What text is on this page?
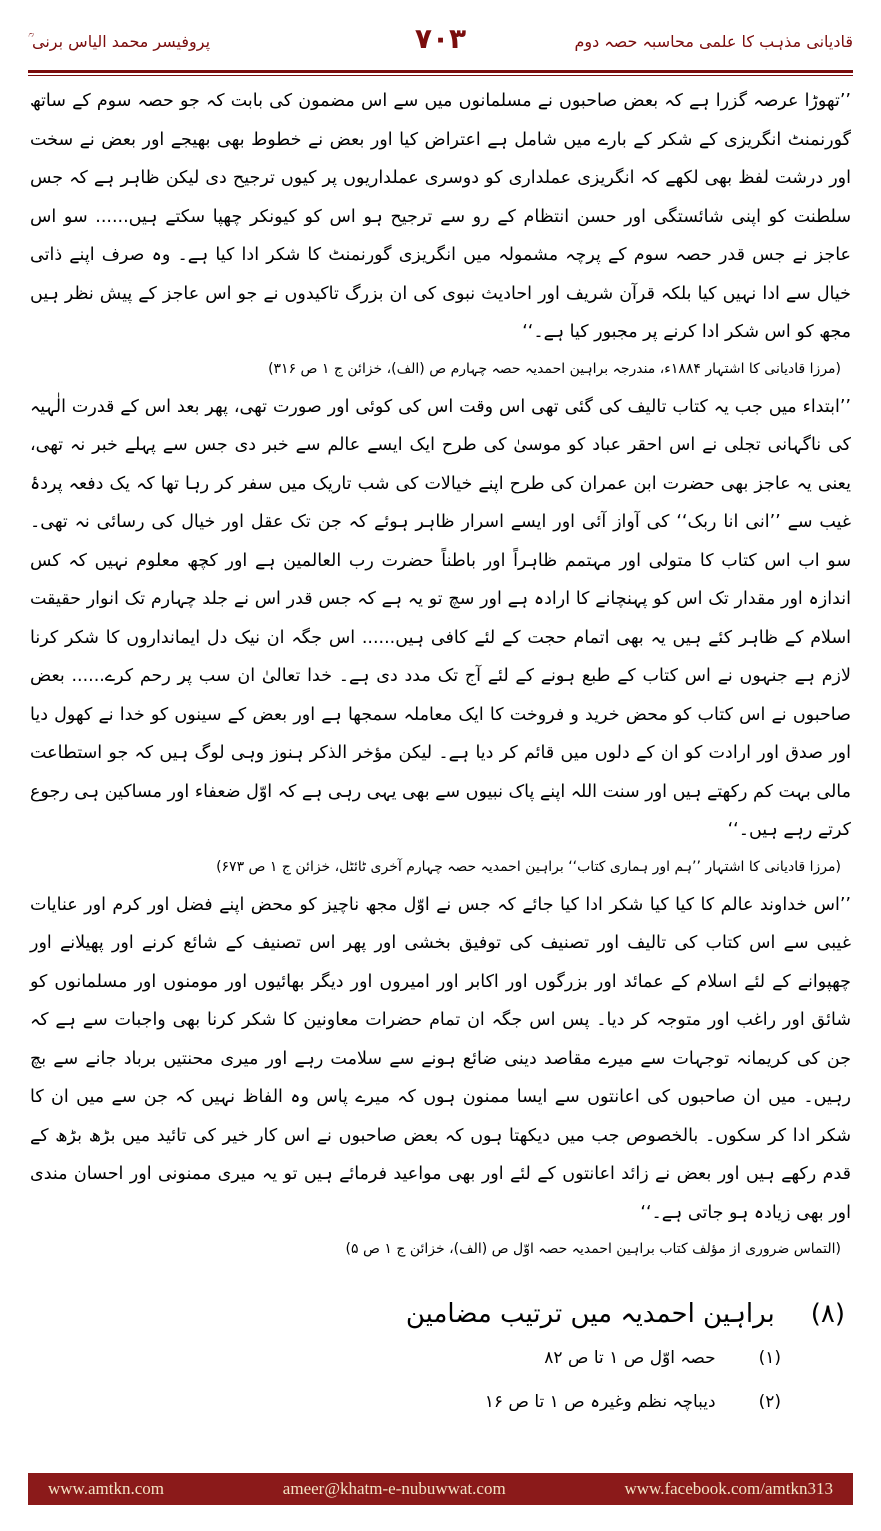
قادیانی مذہب کا علمی محاسبہ حصہ دوم
۷۰۳
پروفیسر محمد الیاس برنی ؒ

’’تھوڑا عرصہ گزرا ہے کہ بعض صاحبوں نے مسلمانوں میں سے اس مضمون کی بابت کہ جو حصہ سوم کے ساتھ گورنمنٹ انگریزی کے شکر کے بارے میں شامل ہے اعتراض کیا اور بعض نے خطوط بھی بھیجے اور بعض نے سخت اور درشت لفظ بھی لکھے کہ انگریزی عملداری کو دوسری عملداریوں پر کیوں ترجیح دی لیکن ظاہر ہے کہ جس سلطنت کو اپنی شائستگی اور حسن انتظام کے رو سے ترجیح ہو اس کو کیونکر چھپا سکتے ہیں...... سو اس عاجز نے جس قدر حصہ سوم کے پرچہ مشمولہ میں انگریزی گورنمنٹ کا شکر ادا کیا ہے۔ وہ صرف اپنے ذاتی خیال سے ادا نہیں کیا بلکہ قرآن شریف اور احادیث نبوی کی ان بزرگ تاکیدوں نے جو اس عاجز کے پیش نظر ہیں مجھ کو اس شکر ادا کرنے پر مجبور کیا ہے۔‘‘

(مرزا قادیانی کا اشتہار ۱۸۸۴ء، مندرجہ براہین احمدیہ حصہ چہارم ص (الف)، خزائن ج ۱ ص ۳۱۶)

’’ابتداء میں جب یہ کتاب تالیف کی گئی تھی اس وقت اس کی کوئی اور صورت تھی، پھر بعد اس کے قدرت الٰہیہ کی ناگہانی تجلی نے اس احقر عباد کو موسیٰ کی طرح ایک ایسے عالم سے خبر دی جس سے پہلے خبر نہ تھی، یعنی یہ عاجز بھی حضرت ابن عمران کی طرح اپنے خیالات کی شب تاریک میں سفر کر رہا تھا کہ یک دفعہ پردۂ غیب سے ’’انی انا ربک‘‘ کی آواز آئی اور ایسے اسرار ظاہر ہوئے کہ جن تک عقل اور خیال کی رسائی نہ تھی۔ سو اب اس کتاب کا متولی اور مہتمم ظاہراً اور باطناً حضرت رب العالمین ہے اور کچھ معلوم نہیں کہ کس اندازہ اور مقدار تک اس کو پہنچانے کا ارادہ ہے اور سچ تو یہ ہے کہ جس قدر اس نے جلد چہارم تک انوار حقیقت اسلام کے ظاہر کئے ہیں یہ بھی اتمام حجت کے لئے کافی ہیں...... اس جگہ ان نیک دل ایمانداروں کا شکر کرنا لازم ہے جنہوں نے اس کتاب کے طبع ہونے کے لئے آج تک مدد دی ہے۔ خدا تعالیٰ ان سب پر رحم کرے...... بعض صاحبوں نے اس کتاب کو محض خرید و فروخت کا ایک معاملہ سمجھا ہے اور بعض کے سینوں کو خدا نے کھول دیا اور صدق اور ارادت کو ان کے دلوں میں قائم کر دیا ہے۔ لیکن مؤخر الذکر ہنوز وہی لوگ ہیں کہ جو استطاعت مالی بہت کم رکھتے ہیں اور سنت اللہ اپنے پاک نبیوں سے بھی یہی رہی ہے کہ اوّل ضعفاء اور مساکین ہی رجوع کرتے رہے ہیں۔‘‘

(مرزا قادیانی کا اشتہار ’’ہم اور ہماری کتاب‘‘ براہین احمدیہ حصہ چہارم آخری ٹائٹل، خزائن ج ۱ ص ۶۷۳)

’’اس خداوند عالم کا کیا کیا شکر ادا کیا جائے کہ جس نے اوّل مجھ ناچیز کو محض اپنے فضل اور کرم اور عنایات غیبی سے اس کتاب کی تالیف اور تصنیف کی توفیق بخشی اور پھر اس تصنیف کے شائع کرنے اور پھیلانے اور چھپوانے کے لئے اسلام کے عمائد اور بزرگوں اور اکابر اور امیروں اور دیگر بھائیوں اور مومنوں اور مسلمانوں کو شائق اور راغب اور متوجہ کر دیا۔ پس اس جگہ ان تمام حضرات معاونین کا شکر کرنا بھی واجبات سے ہے کہ جن کی کریمانہ توجہات سے میرے مقاصد دینی ضائع ہونے سے سلامت رہے اور میری محنتیں برباد جانے سے بچ رہیں۔ میں ان صاحبوں کی اعانتوں سے ایسا ممنون ہوں کہ میرے پاس وہ الفاظ نہیں کہ جن سے میں ان کا شکر ادا کر سکوں۔ بالخصوص جب میں دیکھتا ہوں کہ بعض صاحبوں نے اس کار خیر کی تائید میں بڑھ بڑھ کے قدم رکھے ہیں اور بعض نے زائد اعانتوں کے لئے اور بھی مواعید فرمائے ہیں تو یہ میری ممنونی اور احسان مندی اور بھی زیادہ ہو جاتی ہے۔‘‘

(التماس ضروری از مؤلف کتاب براہین احمدیہ حصہ اوّل ص (الف)، خزائن ج ۱ ص ۵)
(۸) براہین احمدیہ میں ترتیب مضامین
(۱) حصہ اوّل ص ۱ تا ص ۸۲
(۲) دیباچہ نظم وغیرہ ص ۱ تا ص ۱۶
www.amtkn.com	ameer@khatm-e-nubuwwat.com	www.facebook.com/amtkn313
